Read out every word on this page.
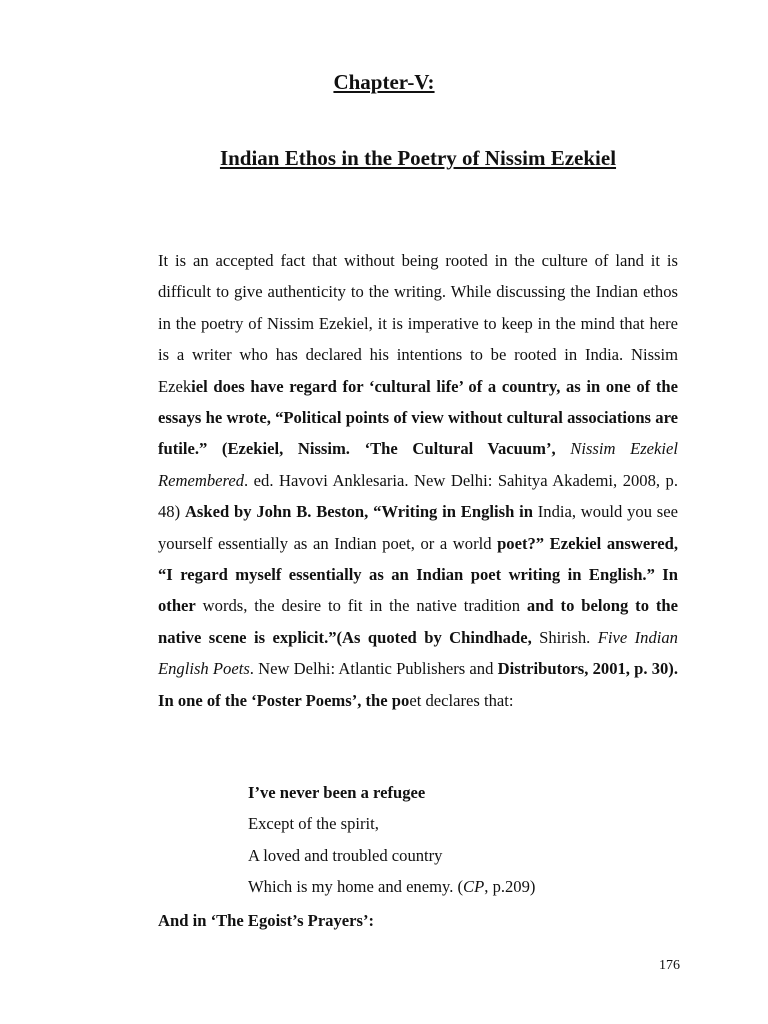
Chapter-V:
Indian Ethos in the Poetry of Nissim Ezekiel

It is an accepted fact that without being rooted in the culture of land it is difficult to give authenticity to the writing. While discussing the Indian ethos in the poetry of Nissim Ezekiel, it is imperative to keep in the mind that here is a writer who has declared his intentions to be rooted in India. Nissim Ezekiel does have regard for ‘cultural life’ of a country, as in one of the essays he wrote, “Political points of view without cultural associations are futile.” (Ezekiel, Nissim. ‘The Cultural Vacuum’, Nissim Ezekiel Remembered. ed. Havovi Anklesaria. New Delhi: Sahitya Akademi, 2008, p. 48) Asked by John B. Beston, “Writing in English in India, would you see yourself essentially as an Indian poet, or a world poet?” Ezekiel answered, “I regard myself essentially as an Indian poet writing in English.” In other words, the desire to fit in the native tradition and to belong to the native scene is explicit.”(As quoted by Chindhade, Shirish. Five Indian English Poets. New Delhi: Atlantic Publishers and Distributors, 2001, p. 30). In one of the ‘Poster Poems’, the poet declares that:

I’ve never been a refugee
Except of the spirit,
A loved and troubled country
Which is my home and enemy. (CP, p.209)
And in ‘The Egoist’s Prayers’:
176
